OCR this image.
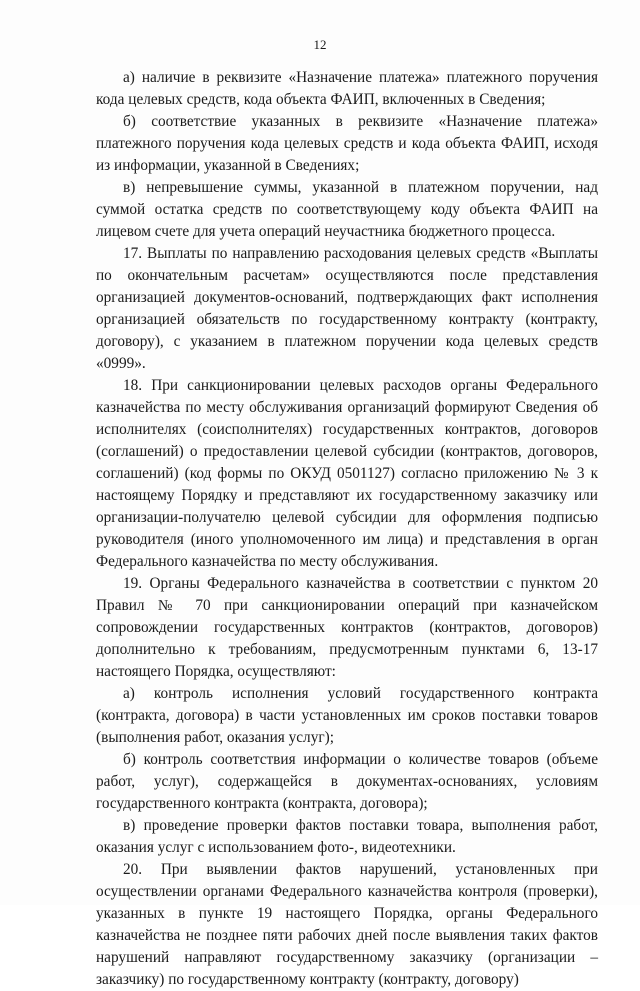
12

а) наличие в реквизите «Назначение платежа» платежного поручения кода целевых средств, кода объекта ФАИП, включенных в Сведения;

б) соответствие указанных в реквизите «Назначение платежа» платежного поручения кода целевых средств и кода объекта ФАИП, исходя из информации, указанной в Сведениях;

в) непревышение суммы, указанной в платежном поручении, над суммой остатка средств по соответствующему коду объекта ФАИП на лицевом счете для учета операций неучастника бюджетного процесса.

17. Выплаты по направлению расходования целевых средств «Выплаты по окончательным расчетам» осуществляются после представления организацией документов-оснований, подтверждающих факт исполнения организацией обязательств по государственному контракту (контракту, договору), с указанием в платежном поручении кода целевых средств «0999».

18. При санкционировании целевых расходов органы Федерального казначейства по месту обслуживания организаций формируют Сведения об исполнителях (соисполнителях) государственных контрактов, договоров (соглашений) о предоставлении целевой субсидии (контрактов, договоров, соглашений) (код формы по ОКУД 0501127) согласно приложению № 3 к настоящему Порядку и представляют их государственному заказчику или организации-получателю целевой субсидии для оформления подписью руководителя (иного уполномоченного им лица) и представления в орган Федерального казначейства по месту обслуживания.

19. Органы Федерального казначейства в соответствии с пунктом 20 Правил № 70 при санкционировании операций при казначейском сопровождении государственных контрактов (контрактов, договоров) дополнительно к требованиям, предусмотренным пунктами 6, 13-17 настоящего Порядка, осуществляют:

а) контроль исполнения условий государственного контракта (контракта, договора) в части установленных им сроков поставки товаров (выполнения работ, оказания услуг);

б) контроль соответствия информации о количестве товаров (объеме работ, услуг), содержащейся в документах-основаниях, условиям государственного контракта (контракта, договора);

в) проведение проверки фактов поставки товара, выполнения работ, оказания услуг с использованием фото-, видеотехники.

20. При выявлении фактов нарушений, установленных при осуществлении органами Федерального казначейства контроля (проверки), указанных в пункте 19 настоящего Порядка, органы Федерального казначейства не позднее пяти рабочих дней после выявления таких фактов нарушений направляют государственному заказчику (организации – заказчику) по государственному контракту (контракту, договору)
